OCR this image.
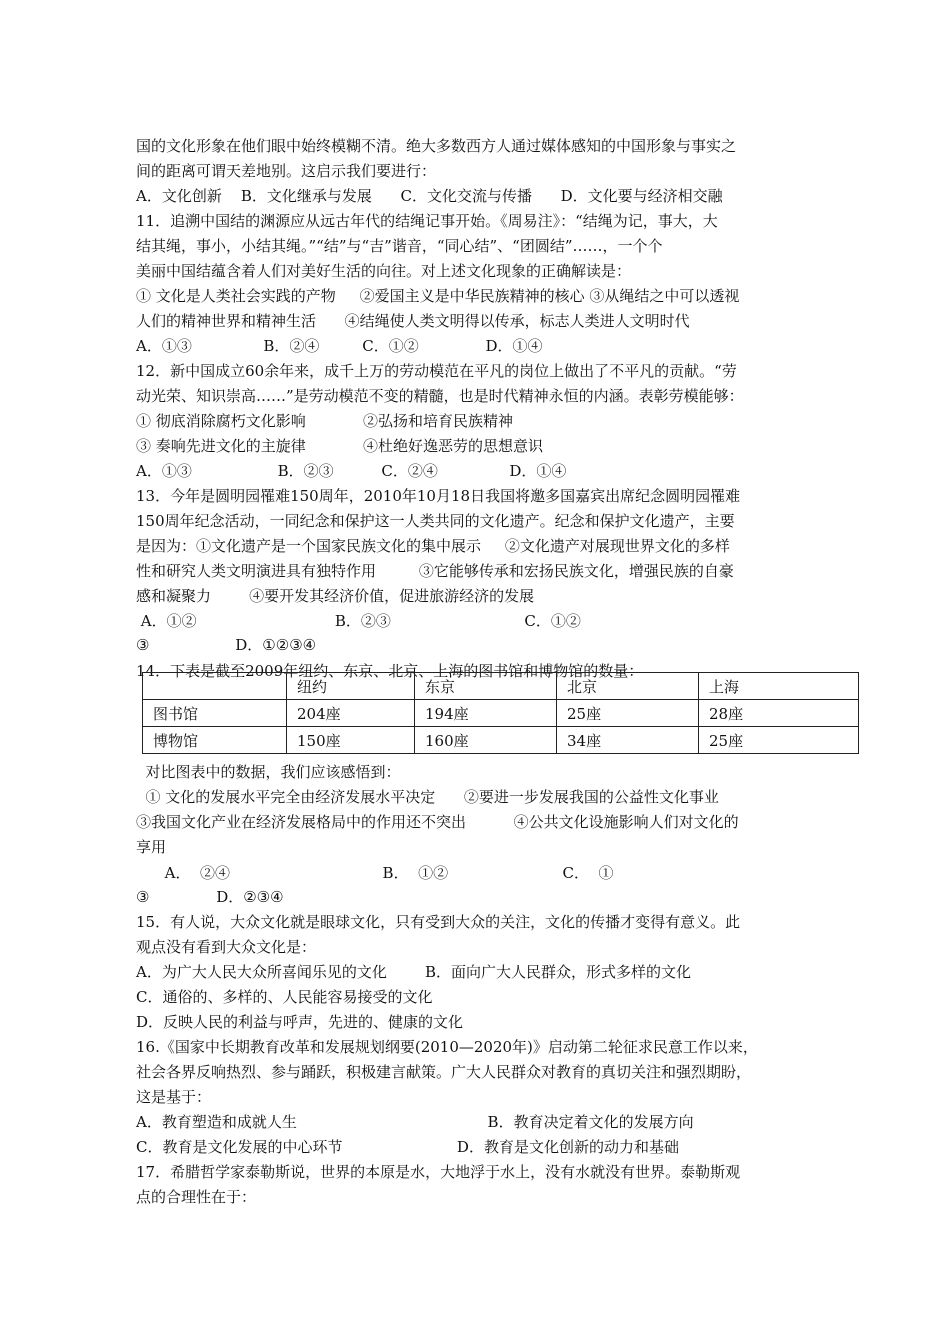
国的文化形象在他们眼中始终模糊不清。绝大多数西方人通过媒体感知的中国形象与事实之
间的距离可谓天差地别。这启示我们要进行：
A．文化创新    B．文化继承与发展      C．文化交流与传播      D．文化要与经济相交融
11．追溯中国结的渊源应从远古年代的结绳记事开始。《周易注》：“结绳为记，事大，大
结其绳，事小，小结其绳。”“结”与“吉”谐音，“同心结”、“团圆结”……，一个个
美丽中国结蕴含着人们对美好生活的向往。对上述文化现象的正确解读是：
① 文化是人类社会实践的产物     ②爱国主义是中华民族精神的核心 ③从绳结之中可以透视
人们的精神世界和精神生活      ④结绳使人类文明得以传承，标志人类进人文明时代
A．①③               B．②④         C．①②              D．①④
12．新中国成立60余年来，成千上万的劳动模范在平凡的岗位上做出了不平凡的贡献。“劳
动光荣、知识崇高……”是劳动模范不变的精髓，也是时代精神永恒的内涵。表彰劳模能够：
① 彻底消除腐朽文化影响            ②弘扬和培育民族精神
③ 奏响先进文化的主旋律            ④杜绝好逸恶劳的思想意识
A．①③                  B．②③          C．②④               D．①④
13．今年是圆明园罹难150周年，2010年10月18日我国将邀多国嘉宾出席纪念圆明园罹难
150周年纪念活动，一同纪念和保护这一人类共同的文化遗产。纪念和保护文化遗产，主要
是因为：①文化遗产是一个国家民族文化的集中展示     ②文化遗产对展现世界文化的多样
性和研究人类文明演进具有独特作用         ③它能够传承和宏扬民族文化，增强民族的自豪
感和凝聚力        ④要开发其经济价值，促进旅游经济的发展
A．①②                             B．②③                            C．①②
③                  D．①②③④
14．下表是截至2009年纽约、东京、北京、上海的图书馆和博物馆的数量：
对比图表中的数据，我们应该感悟到：
① 文化的发展水平完全由经济发展水平决定      ②要进一步发展我国的公益性文化事业
③我国文化产业在经济发展格局中的作用还不突出          ④公共文化设施影响人们对文化的
享用
A．  ②④                                B．  ①②                        C．  ①
③              D．②③④
15．有人说，大众文化就是眼球文化，只有受到大众的关注，文化的传播才变得有意义。此
观点没有看到大众文化是：
A．为广大人民大众所喜闻乐见的文化        B．面向广大人民群众，形式多样的文化
C．通俗的、多样的、人民能容易接受的文化
D．反映人民的利益与呼声，先进的、健康的文化
16.《国家中长期教育改革和发展规划纲要(2010—2020年)》启动第二轮征求民意工作以来，
社会各界反响热烈、参与踊跃，积极建言献策。广大人民群众对教育的真切关注和强烈期盼，
这是基于：
A．教育塑造和成就人生                                        B．教育决定着文化的发展方向
C．教育是文化发展的中心环节                        D．教育是文化创新的动力和基础
17．希腊哲学家泰勒斯说，世界的本原是水，大地浮于水上，没有水就没有世界。泰勒斯观
点的合理性在于：
	纽约	东京	北京	上海
图书馆	204座	194座	25座	28座
博物馆	150座	160座	34座	25座
